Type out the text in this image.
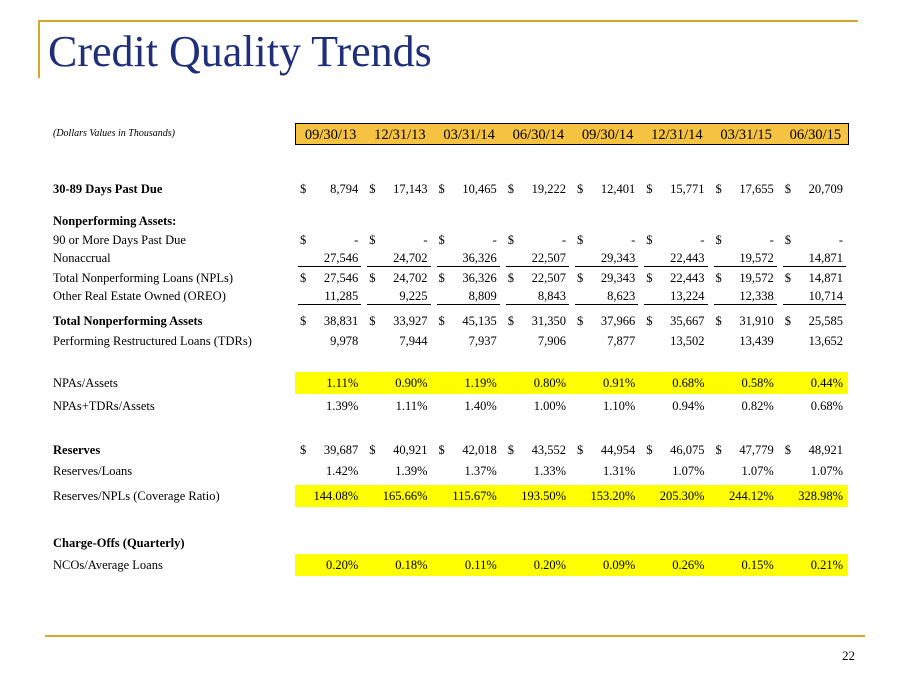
Credit Quality Trends
09/30/13	12/31/13	03/31/14	06/30/14	09/30/14	12/31/14	03/31/15	06/30/15
(Dollars Values in Thousands)
30-89 Days Past Due	$ 8,794 $ 17,143 $ 10,465 $ 19,222 $ 12,401 $ 15,771 $ 17,655 $ 20,709
Nonperforming Assets:
90 or More Days Past Due	$	- $	- $	- $	- $	- $	- $	- $	-
Nonaccrual	27,546	24,702	36,326	22,507	29,343	22,443	19,572	14,871
Total Nonperforming Loans (NPLs)	$ 27,546 $ 24,702 $ 36,326 $ 22,507 $ 29,343 $ 22,443 $ 19,572 $ 14,871
Other Real Estate Owned (OREO)	11,285	9,225	8,809	8,843	8,623	13,224	12,338	10,714
Total Nonperforming Assets	$ 38,831 $ 33,927 $ 45,135 $ 31,350 $ 37,966 $ 35,667 $ 31,910 $ 25,585
Performing Restructured Loans (TDRs)	9,978	7,944	7,937	7,906	7,877	13,502	13,439	13,652
NPAs/Assets	1.11%	0.90%	1.19%	0.80%	0.91%	0.68%	0.58%	0.44%
NPAs+TDRs/Assets	1.39%	1.11%	1.40%	1.00%	1.10%	0.94%	0.82%	0.68%
Reserves	$ 39,687 $ 40,921 $ 42,018 $ 43,552 $ 44,954 $ 46,075 $ 47,779 $ 48,921
Reserves/Loans	1.42%	1.39%	1.37%	1.33%	1.31%	1.07%	1.07%	1.07%
Reserves/NPLs (Coverage Ratio)	144.08% 165.66% 115.67% 193.50% 153.20% 205.30% 244.12% 328.98%
Charge-Offs (Quarterly)
NCOs/Average Loans	0.20%	0.18%	0.11%	0.20%	0.09%	0.26%	0.15%	0.21%
22
